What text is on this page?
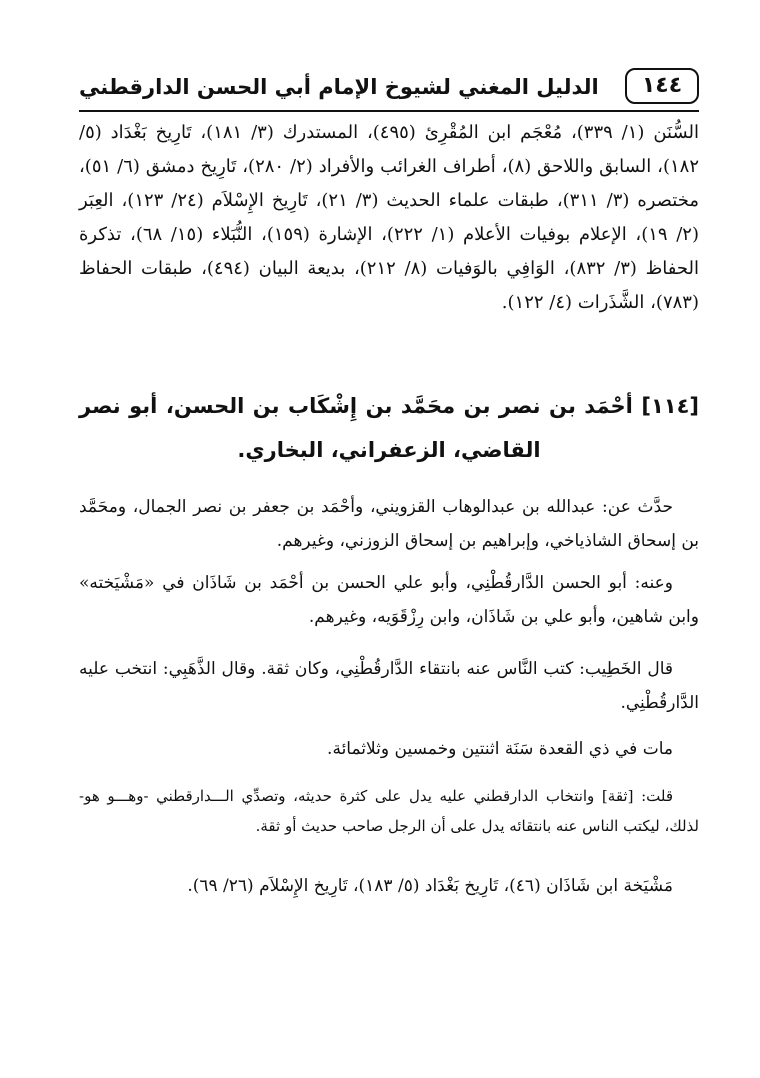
١٤٤
الدليل المغني لشيوخ الإمام أبي الحسن الدارقطني
السُّنَن (١/ ٣٣٩)، مُعْجَم ابن المُقْرِئ (٤٩٥)، المستدرك (٣/ ١٨١)، تَارِيخ بَغْدَاد (٥/ ١٨٢)، السابق واللاحق (٨)، أطراف الغرائب والأفراد (٢/ ٢٨٠)، تَارِيخ دمشق (٦/ ٥١)، مختصره (٣/ ٣١١)، طبقات علماء الحديث (٣/ ٢١)، تَارِيخ الإِسْلاَم (٢٤/ ١٢٣)، العِبَر (٢/ ١٩)، الإعلام بوفيات الأعلام (١/ ٢٢٢)، الإشارة (١٥٩)، النُّبَلاء (١٥/ ٦٨)، تذكرة الحفاظ (٣/ ٨٣٢)، الوَافِي بالوَفيات (٨/ ٢١٢)، بديعة البيان (٤٩٤)، طبقات الحفاظ (٧٨٣)، الشَّذَرات (٤/ ١٢٢).
[١١٤] أحْمَد بن نصر بن محَمَّد بن إِشْكَاب بن الحسن، أبو نصر القاضي، الزعفراني، البخاري.
حدَّث عن: عبدالله بن عبدالوهاب القزويني، وأحْمَد بن جعفر بن نصر الجمال، ومحَمَّد بن إسحاق الشاذياخي، وإبراهيم بن إسحاق الزوزني، وغيرهم.
وعنه: أبو الحسن الدَّارقُطْنِي، وأبو علي الحسن بن أحْمَد بن شَاذَان في «مَشْيَخته» وابن شاهين، وأبو علي بن شَاذَان، وابن رِزْقَوَيه، وغيرهم.
قال الخَطِيب: كتب النَّاس عنه بانتقاء الدَّارقُطْنِي، وكان ثقة. وقال الذَّهَبِي: انتخب عليه الدَّارقُطْنِي.
مات في ذي القعدة سَنَة اثنتين وخمسين وثلاثمائة.
قلت: [ثقة] وانتخاب الدارقطني عليه يدل على كثرة حديثه، وتصدِّي الـــدارقطني -وهـــو هو- لذلك، ليكتب الناس عنه بانتقائه يدل على أن الرجل صاحب حديث أو ثقة.
مَشْيَخة ابن شَاذَان (٤٦)، تَارِيخ بَغْدَاد (٥/ ١٨٣)، تَارِيخ الإِسْلاَم (٢٦/ ٦٩).
